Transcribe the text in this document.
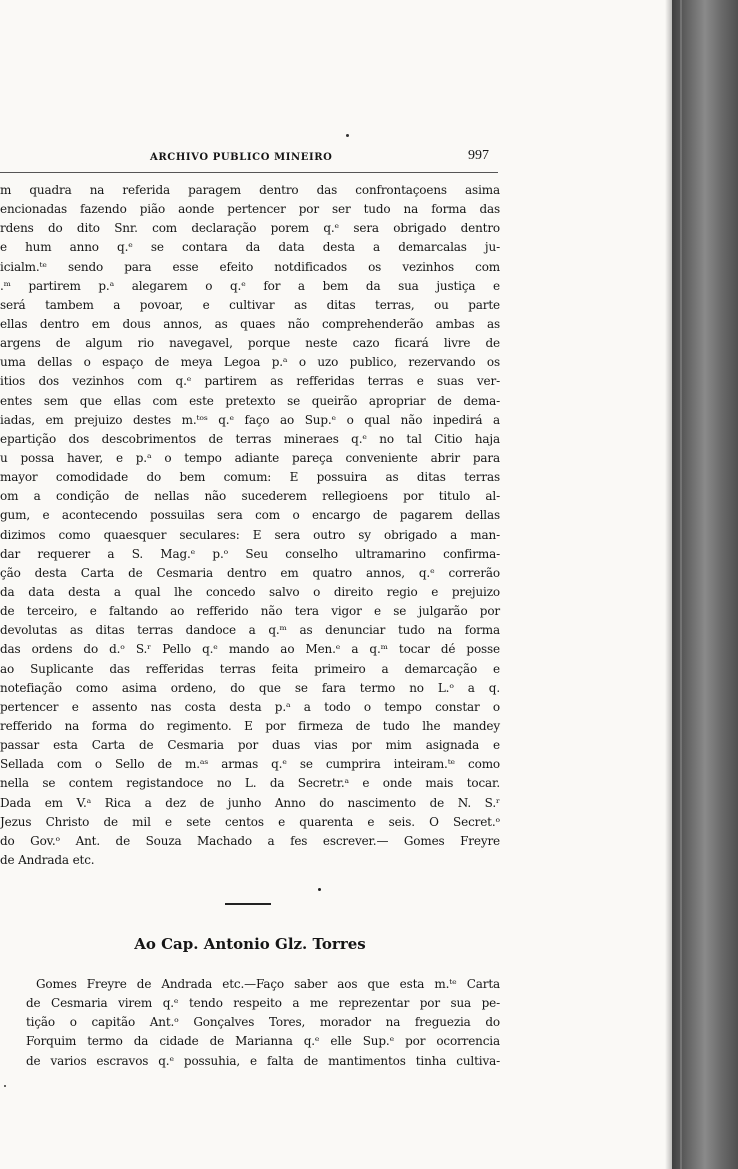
ARCHIVO PUBLICO MINEIRO	997
m quadra na referida paragem dentro das confrontaçoens asima
encionadas fazendo pião aonde pertencer por ser tudo na forma das
rdens do dito Snr. com declaração porem q.ᵉ sera obrigado dentro
e hum anno q.ᵉ se contara da data desta a demarcalas ju-
icialm.ᵗᵉ sendo para esse efeito notdificados os vezinhos com
.ᵐ partirem p.ᵃ alegarem o q.ᵉ for a bem da sua justiça e
será tambem a povoar, e cultivar as ditas terras, ou parte
ellas dentro em dous annos, as quaes não comprehenderão ambas as
argens de algum rio navegavel, porque neste cazo ficará livre de
uma dellas o espaço de meya Legoa p.ᵃ o uzo publico, rezervando os
itios dos vezinhos com q.ᵉ partirem as refferidas terras e suas ver-
entes sem que ellas com este pretexto se queirão apropriar de dema-
iadas, em prejuizo destes m.ᵗᵒˢ q.ᵉ faço ao Sup.ᵉ o qual não inpedirá a
epartição dos descobrimentos de terras mineraes q.ᵉ no tal Citio haja
u possa haver, e p.ᵃ o tempo adiante pareça conveniente abrir para
mayor comodidade do bem comum: E possuira as ditas terras
om a condição de nellas não sucederem rellegioens por titulo al-
gum, e acontecendo possuilas sera com o encargo de pagarem dellas
dizimos como quaesquer seculares: E sera outro sy obrigado a man-
dar requerer a S. Mag.ᵉ p.ᵒ Seu conselho ultramarino confirma-
ção desta Carta de Cesmaria dentro em quatro annos, q.ᵉ correrão
da data desta a qual lhe concedo salvo o direito regio e prejuizo
de terceiro, e faltando ao refferido não tera vigor e se julgarão por
devolutas as ditas terras dandoce a q.ᵐ as denunciar tudo na forma
das ordens do d.ᵒ S.ʳ Pello q.ᵉ mando ao Men.ᵉ a q.ᵐ tocar dé posse
ao Suplicante das refferidas terras feita primeiro a demarcação e
notefiação como asima ordeno, do que se fara termo no L.ᵒ a q.
pertencer e assento nas costa desta p.ᵃ a todo o tempo constar o
refferido na forma do regimento. E por firmeza de tudo lhe mandey
passar esta Carta de Cesmaria por duas vias por mim asignada e
Sellada com o Sello de m.ᵃˢ armas q.ᵉ se cumprira inteiram.ᵗᵉ como
nella se contem registandoce no L. da Secretr.ᵃ e onde mais tocar.
Dada em V.ᵃ Rica a dez de junho Anno do nascimento de N. S.ʳ
Jezus Christo de mil e sete centos e quarenta e seis. O Secret.ᵒ
do Gov.ᵒ Ant. de Souza Machado a fes escrever.— Gomes Freyre
de Andrada etc.
Ao Cap. Antonio Glz. Torres
Gomes Freyre de Andrada etc.—Faço saber aos que esta m.ᵗᵉ Carta
de Cesmaria virem q.ᵉ tendo respeito a me reprezentar por sua pe-
tição o capitão Ant.ᵒ Gonçalves Tores, morador na freguezia do
Forquim termo da cidade de Marianna q.ᵉ elle Sup.ᵉ por ocorrencia
de varios escravos q.ᵉ possuhia, e falta de mantimentos tinha cultiva-
